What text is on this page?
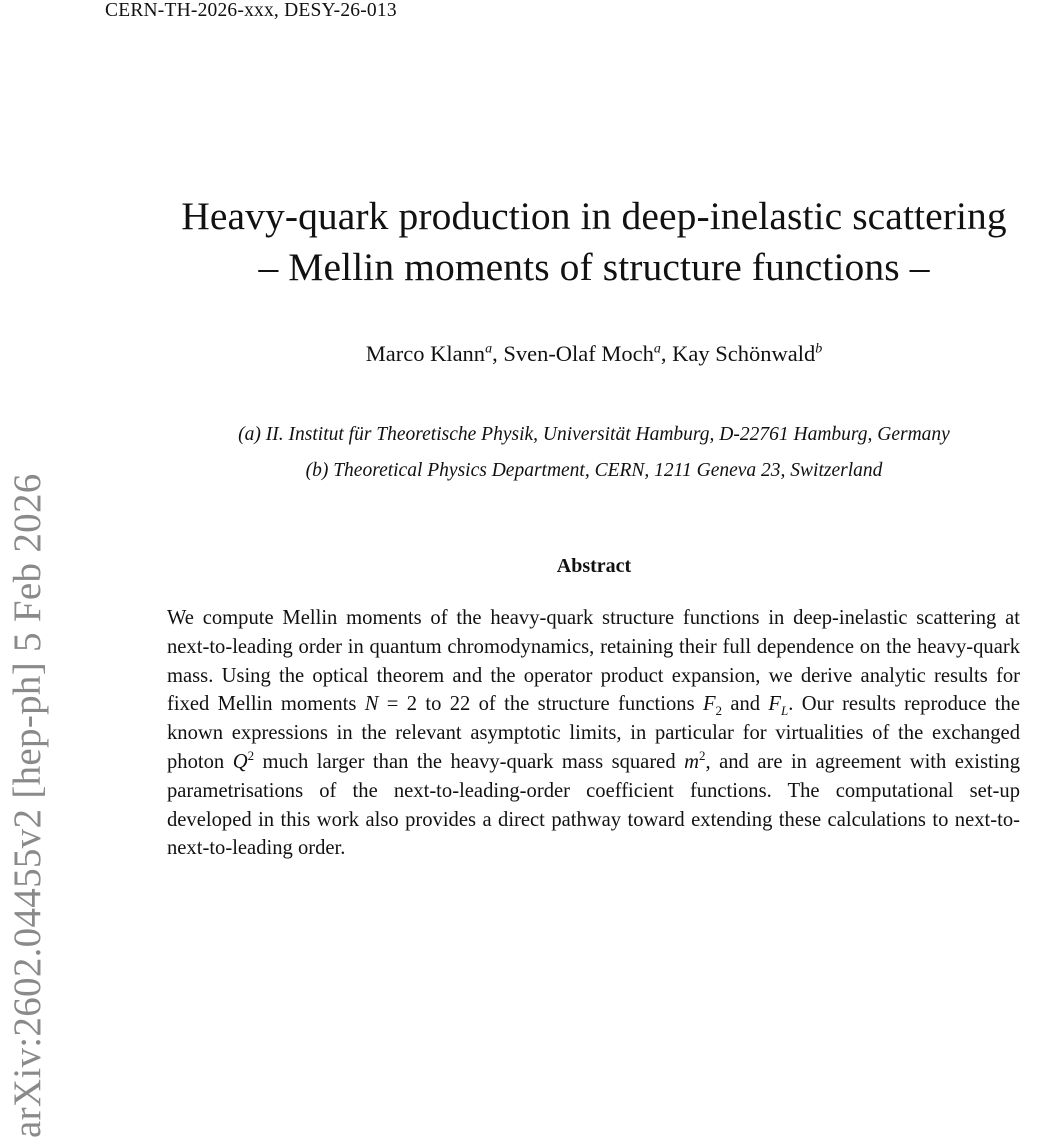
CERN-TH-2026-xxx, DESY-26-013
arXiv:2602.04455v2 [hep-ph] 5 Feb 2026
Heavy-quark production in deep-inelastic scattering
– Mellin moments of structure functions –
Marco Klann$^a$, Sven-Olaf Moch$^a$, Kay Schönwald$^b$
(a) II. Institut für Theoretische Physik, Universität Hamburg, D-22761 Hamburg, Germany
(b) Theoretical Physics Department, CERN, 1211 Geneva 23, Switzerland
Abstract
We compute Mellin moments of the heavy-quark structure functions in deep-inelastic scattering at next-to-leading order in quantum chromodynamics, retaining their full dependence on the heavy-quark mass. Using the optical theorem and the operator product expansion, we derive analytic results for fixed Mellin moments N = 2 to 22 of the structure functions $F_2$ and $F_L$. Our results reproduce the known expressions in the relevant asymptotic limits, in particular for virtualities of the exchanged photon $Q^2$ much larger than the heavy-quark mass squared $m^2$, and are in agreement with existing parametrisations of the next-to-leading-order coefficient functions. The computational set-up developed in this work also provides a direct pathway toward extending these calculations to next-to-next-to-leading order.
